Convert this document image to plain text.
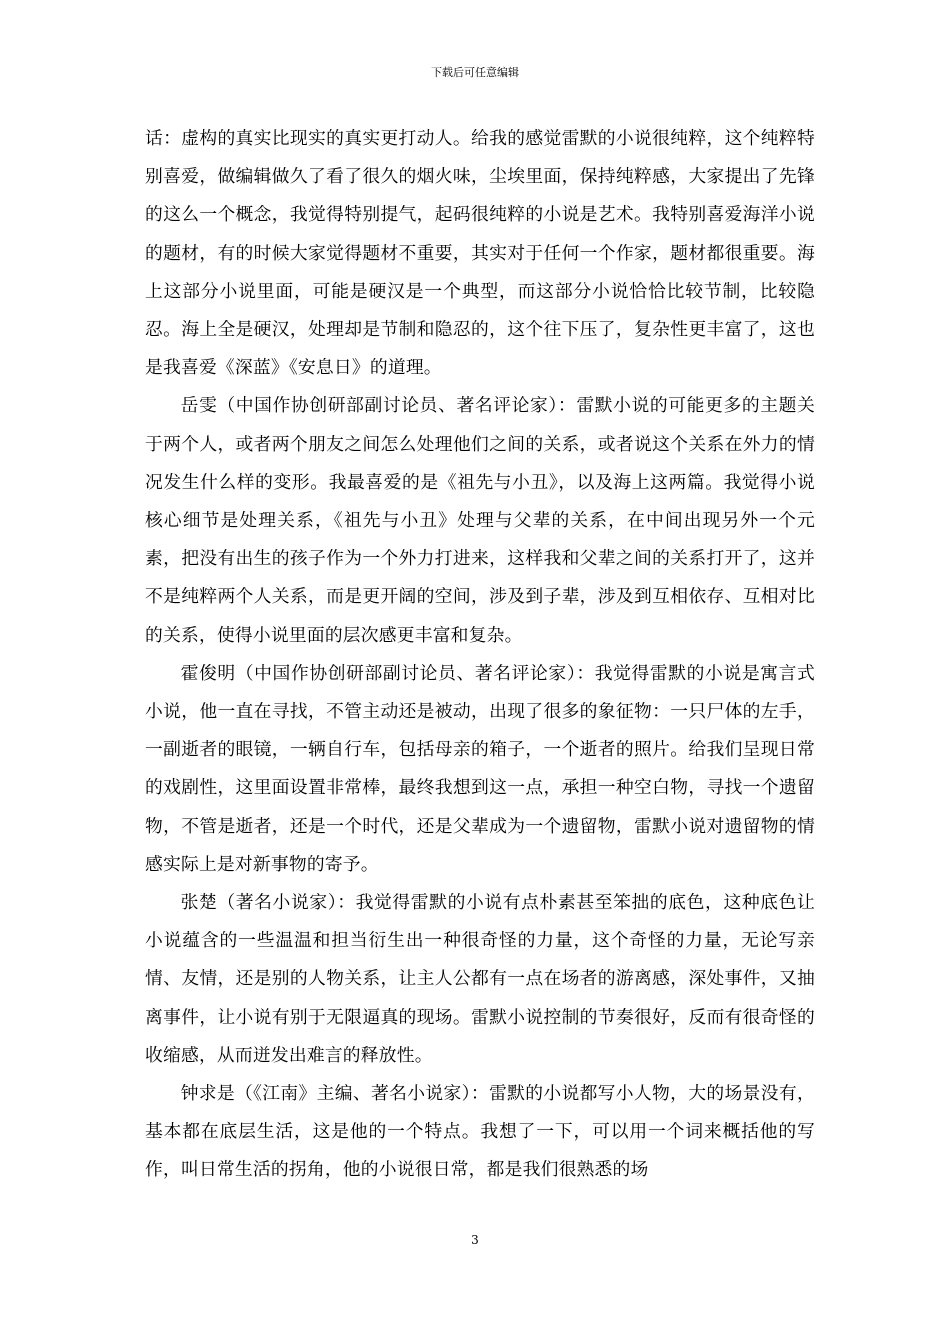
下载后可任意编辑

话：虚构的真实比现实的真实更打动人。给我的感觉雷默的小说很纯粹，这个纯粹特别喜爱，做编辑做久了看了很久的烟火味，尘埃里面，保持纯粹感，大家提出了先锋的这么一个概念，我觉得特别提气，起码很纯粹的小说是艺术。我特别喜爱海洋小说的题材，有的时候大家觉得题材不重要，其实对于任何一个作家，题材都很重要。海上这部分小说里面，可能是硬汉是一个典型，而这部分小说恰恰比较节制，比较隐忍。海上全是硬汉，处理却是节制和隐忍的，这个往下压了，复杂性更丰富了，这也是我喜爱《深蓝》《安息日》的道理。

岳雯（中国作协创研部副讨论员、著名评论家）：雷默小说的可能更多的主题关于两个人，或者两个朋友之间怎么处理他们之间的关系，或者说这个关系在外力的情况发生什么样的变形。我最喜爱的是《祖先与小丑》，以及海上这两篇。我觉得小说核心细节是处理关系，《祖先与小丑》处理与父辈的关系，在中间出现另外一个元素，把没有出生的孩子作为一个外力打进来，这样我和父辈之间的关系打开了，这并不是纯粹两个人关系，而是更开阔的空间，涉及到子辈，涉及到互相依存、互相对比的关系，使得小说里面的层次感更丰富和复杂。

霍俊明（中国作协创研部副讨论员、著名评论家）：我觉得雷默的小说是寓言式小说，他一直在寻找，不管主动还是被动，出现了很多的象征物：一只尸体的左手，一副逝者的眼镜，一辆自行车，包括母亲的箱子，一个逝者的照片。给我们呈现日常的戏剧性，这里面设置非常棒，最终我想到这一点，承担一种空白物，寻找一个遗留物，不管是逝者，还是一个时代，还是父辈成为一个遗留物，雷默小说对遗留物的情感实际上是对新事物的寄予。

张楚（著名小说家）：我觉得雷默的小说有点朴素甚至笨拙的底色，这种底色让小说蕴含的一些温温和担当衍生出一种很奇怪的力量，这个奇怪的力量，无论写亲情、友情，还是别的人物关系，让主人公都有一点在场者的游离感，深处事件，又抽离事件，让小说有别于无限逼真的现场。雷默小说控制的节奏很好，反而有很奇怪的收缩感，从而迸发出难言的释放性。

钟求是（《江南》主编、著名小说家）：雷默的小说都写小人物，大的场景没有，基本都在底层生活，这是他的一个特点。我想了一下，可以用一个词来概括他的写作，叫日常生活的拐角，他的小说很日常，都是我们很熟悉的场

3
